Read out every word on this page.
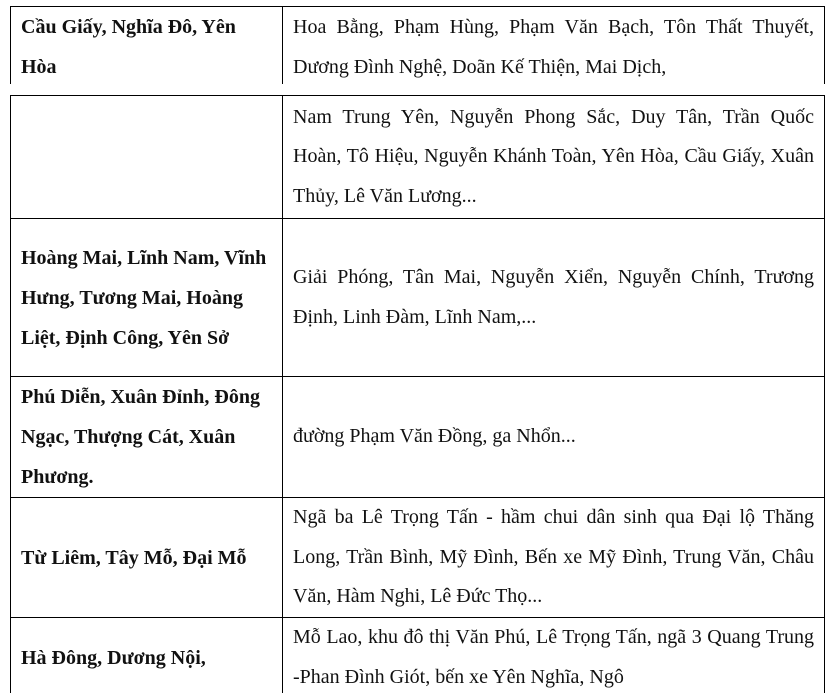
Cầu Giấy, Nghĩa Đô, Yên Hòa	Hoa Bằng, Phạm Hùng, Phạm Văn Bạch, Tôn Thất Thuyết, Dương Đình Nghệ, Doãn Kế Thiện, Mai Dịch,
	Nam Trung Yên, Nguyễn Phong Sắc, Duy Tân, Trần Quốc Hoàn, Tô Hiệu, Nguyễn Khánh Toàn, Yên Hòa, Cầu Giấy, Xuân Thủy, Lê Văn Lương...
Hoàng Mai, Lĩnh Nam, Vĩnh Hưng, Tương Mai, Hoàng Liệt, Định Công, Yên Sở	Giải Phóng, Tân Mai, Nguyễn Xiển, Nguyễn Chính, Trương Định, Linh Đàm, Lĩnh Nam,...
Phú Diễn, Xuân Đỉnh, Đông Ngạc, Thượng Cát, Xuân Phương.	đường Phạm Văn Đồng, ga Nhổn...
Từ Liêm, Tây Mỗ, Đại Mỗ	Ngã ba Lê Trọng Tấn - hầm chui dân sinh qua Đại lộ Thăng Long, Trần Bình, Mỹ Đình, Bến xe Mỹ Đình, Trung Văn, Châu Văn, Hàm Nghi, Lê Đức Thọ...
Hà Đông, Dương Nội,	Mỗ Lao, khu đô thị Văn Phú, Lê Trọng Tấn, ngã 3 Quang Trung -Phan Đình Giót, bến xe Yên Nghĩa, Ngô
